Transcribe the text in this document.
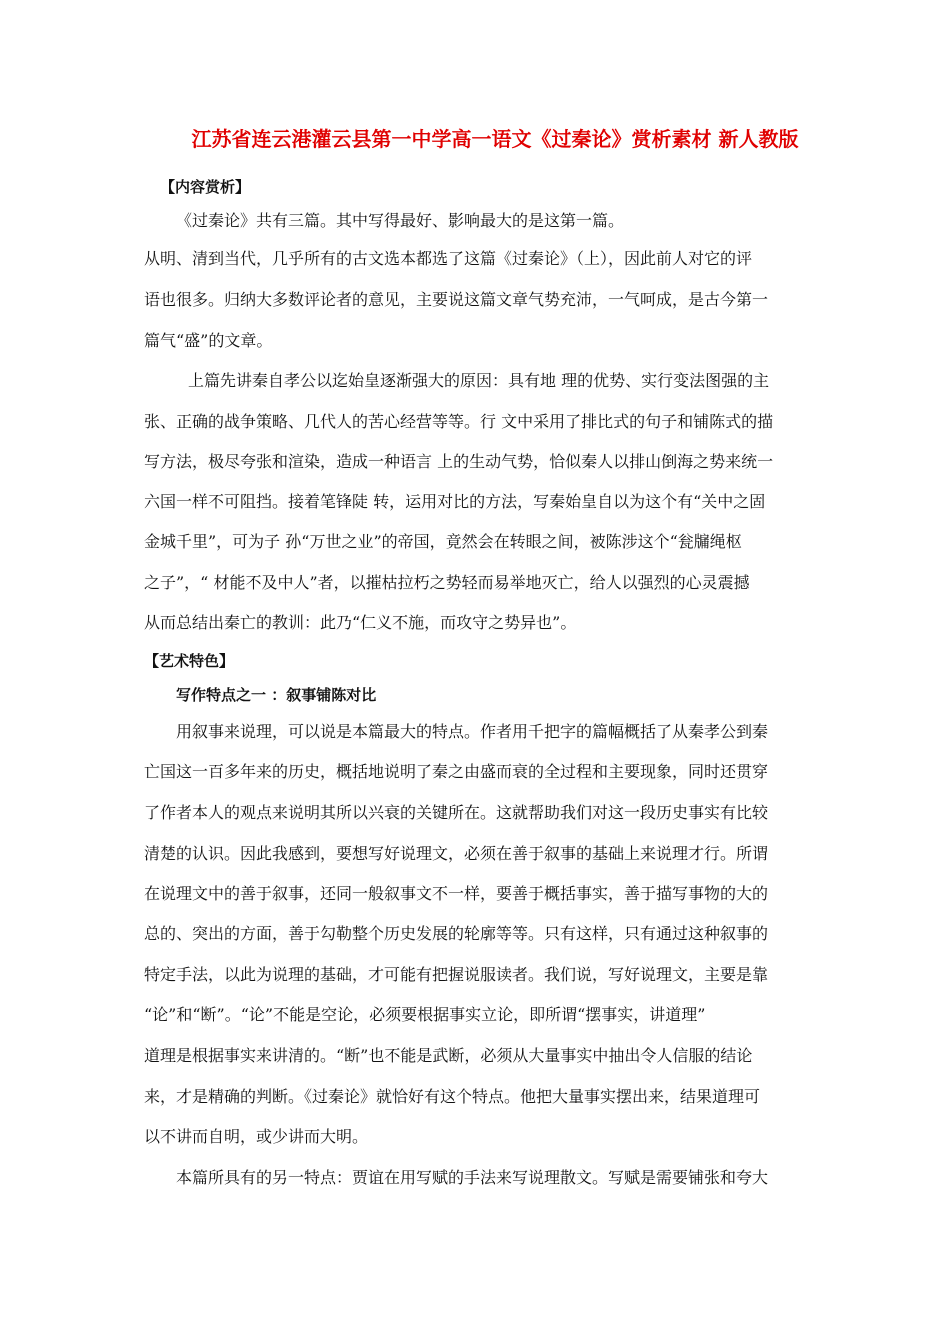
江苏省连云港灌云县第一中学高一语文《过秦论》赏析素材 新人教版
【内容赏析】
《过秦论》共有三篇。其中写得最好、影响最大的是这第一篇。
从明、清到当代，几乎所有的古文选本都选了这篇《过秦论》（上），因此前人对它的评
语也很多。归纳大多数评论者的意见，主要说这篇文章气势充沛，一气呵成，是古今第一
篇气“盛”的文章。
上篇先讲秦自孝公以迄始皇逐渐强大的原因：具有地 理的优势、实行变法图强的主
张、正确的战争策略、几代人的苦心经营等等。行 文中采用了排比式的句子和铺陈式的描
写方法，极尽夸张和渲染，造成一种语言 上的生动气势，恰似秦人以排山倒海之势来统一
六国一样不可阻挡。接着笔锋陡 转，运用对比的方法，写秦始皇自以为这个有“关中之固
金城千里”，可为子 孙“万世之业”的帝国，竟然会在转眼之间，被陈涉这个“瓮牖绳枢
之子”，“ 材能不及中人”者，以摧枯拉朽之势轻而易举地灭亡，给人以强烈的心灵震撼
从而总结出秦亡的教训：此乃“仁义不施，而攻守之势异也”。
【艺术特色】
写作特点之一 ：叙事铺陈对比
用叙事来说理，可以说是本篇最大的特点。作者用千把字的篇幅概括了从秦孝公到秦
亡国这一百多年来的历史，概括地说明了秦之由盛而衰的全过程和主要现象，同时还贯穿
了作者本人的观点来说明其所以兴衰的关键所在。这就帮助我们对这一段历史事实有比较
清楚的认识。因此我感到，要想写好说理文，必须在善于叙事的基础上来说理才行。所谓
在说理文中的善于叙事，还同一般叙事文不一样，要善于概括事实，善于描写事物的大的
总的、突出的方面，善于勾勒整个历史发展的轮廓等等。只有这样，只有通过这种叙事的
特定手法，以此为说理的基础，才可能有把握说服读者。我们说，写好说理文，主要是靠
“论”和“断”。“论”不能是空论，必须要根据事实立论，即所谓“摆事实，讲道理”
道理是根据事实来讲清的。“断”也不能是武断，必须从大量事实中抽出令人信服的结论
来，才是精确的判断。《过秦论》就恰好有这个特点。他把大量事实摆出来，结果道理可
以不讲而自明，或少讲而大明。
本篇所具有的另一特点：贾谊在用写赋的手法来写说理散文。写赋是需要铺张和夸大
